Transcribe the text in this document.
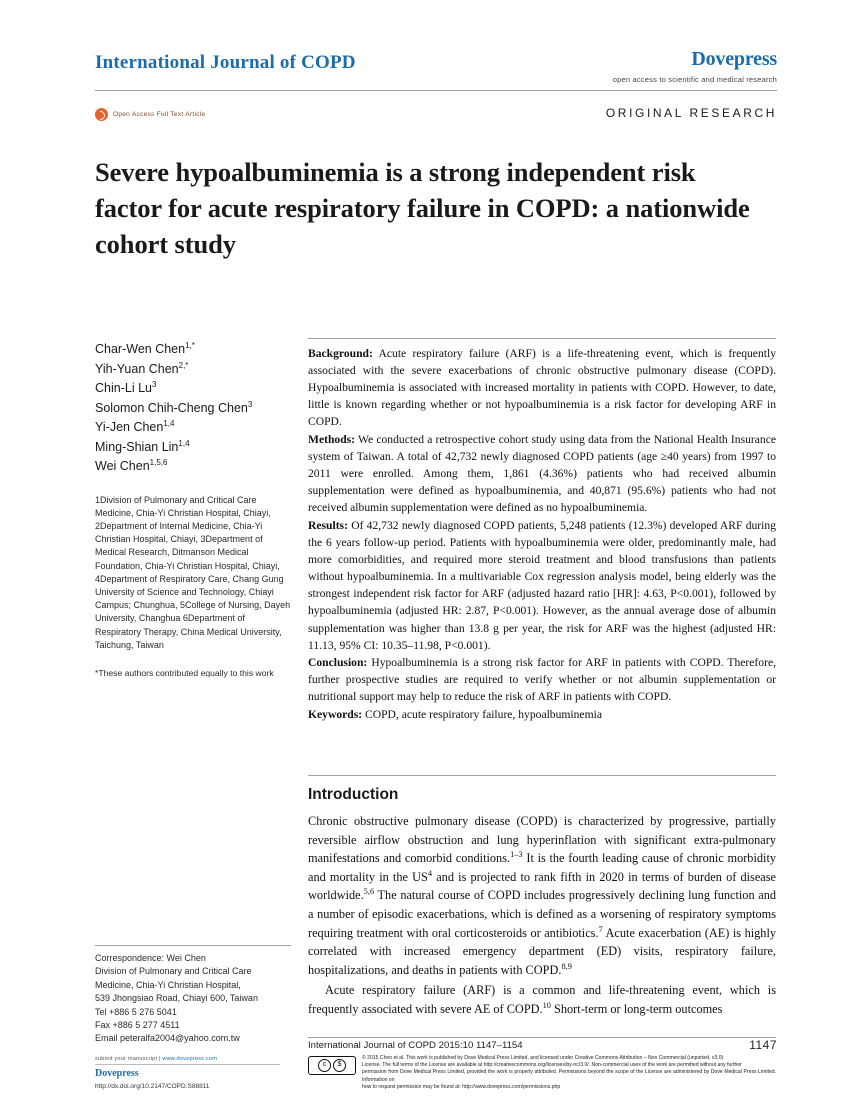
International Journal of COPD	Dovepress
open access to scientific and medical research
Open Access Full Text Article	ORIGINAL RESEARCH
Severe hypoalbuminemia is a strong independent risk factor for acute respiratory failure in COPD: a nationwide cohort study
Char-Wen Chen$^{1,*}$
Yih-Yuan Chen$^{2,*}$
Chin-Li Lu$^3$
Solomon Chih-Cheng Chen$^3$
Yi-Jen Chen$^{1,4}$
Ming-Shian Lin$^{1,4}$
Wei Chen$^{1,5,6}$
1Division of Pulmonary and Critical Care Medicine, Chia-Yi Christian Hospital, Chiayi, 2Department of Internal Medicine, Chia-Yi Christian Hospital, Chiayi, 3Department of Medical Research, Ditmanson Medical Foundation, Chia-Yi Christian Hospital, Chiayi, 4Department of Respiratory Care, Chang Gung University of Science and Technology, Chiayi Campus; Chunghua, 5College of Nursing, Dayeh University, Changhua 6Department of Respiratory Therapy, China Medical University, Taichung, Taiwan
*These authors contributed equally to this work
Correspondence: Wei Chen
Division of Pulmonary and Critical Care
Medicine, Chia-Yi Christian Hospital,
539 Jhongsiao Road, Chiayi 600, Taiwan
Tel +886 5 276 5041
Fax +886 5 277 4511
Email peteralfa2004@yahoo.com.tw

Background: Acute respiratory failure (ARF) is a life-threatening event, which is frequently associated with the severe exacerbations of chronic obstructive pulmonary disease (COPD). Hypoalbuminemia is associated with increased mortality in patients with COPD. However, to date, little is known regarding whether or not hypoalbuminemia is a risk factor for developing ARF in COPD.

Methods: We conducted a retrospective cohort study using data from the National Health Insurance system of Taiwan. A total of 42,732 newly diagnosed COPD patients (age ≥40 years) from 1997 to 2011 were enrolled. Among them, 1,861 (4.36%) patients who had received albumin supplementation were defined as hypoalbuminemia, and 40,871 (95.6%) patients who had not received albumin supplementation were defined as no hypoalbuminemia.

Results: Of 42,732 newly diagnosed COPD patients, 5,248 patients (12.3%) developed ARF during the 6 years follow-up period. Patients with hypoalbuminemia were older, predominantly male, had more comorbidities, and required more steroid treatment and blood transfusions than patients without hypoalbuminemia. In a multivariable Cox regression analysis model, being elderly was the strongest independent risk factor for ARF (adjusted hazard ratio [HR]: 4.63, P<0.001), followed by hypoalbuminemia (adjusted HR: 2.87, P<0.001). However, as the annual average dose of albumin supplementation was higher than 13.8 g per year, the risk for ARF was the highest (adjusted HR: 11.13, 95% CI: 10.35–11.98, P<0.001).

Conclusion: Hypoalbuminemia is a strong risk factor for ARF in patients with COPD. Therefore, further prospective studies are required to verify whether or not albumin supplementation or nutritional support may help to reduce the risk of ARF in patients with COPD.

Keywords: COPD, acute respiratory failure, hypoalbuminemia

Introduction

Chronic obstructive pulmonary disease (COPD) is characterized by progressive, partially reversible airflow obstruction and lung hyperinflation with significant extra-pulmonary manifestations and comorbid conditions.$^{1-3}$ It is the fourth leading cause of chronic morbidity and mortality in the $US^4$ and is projected to rank fifth in 2020 in terms of burden of disease worldwide.$^{5,6}$ The natural course of COPD includes progressively declining lung function and a number of episodic exacerbations, which is defined as a worsening of respiratory symptoms requiring treatment with oral corticosteroids or antibiotics.$^7$ Acute exacerbation (AE) is highly correlated with increased emergency department (ED) visits, respiratory failure, hospitalizations, and deaths in patients with COPD.$^{8,9}$

Acute respiratory failure (ARF) is a common and life-threatening event, which is frequently associated with severe AE of COPD.$^{10}$ Short-term or long-term outcomes

International Journal of COPD 2015:10 1147–1154	1147
submit your manuscript | www.dovepress.com
Dovepress
http://dx.doi.org/10.2147/COPD.S88811
c	$
© 2015 Chen et al. This work is published by Dove Medical Press Limited, and licensed under Creative Commons Attribution – Non Commercial (unported, v3.0)
License. The full terms of the License are available at http://creativecommons.org/licenses/by-nc/3.0/. Non-commercial uses of the work are permitted without any further
permission from Dove Medical Press Limited, provided the work is properly attributed. Permissions beyond the scope of the License are administered by Dove Medical Press Limited. Information on
how to request permission may be found at: http://www.dovepress.com/permissions.php
